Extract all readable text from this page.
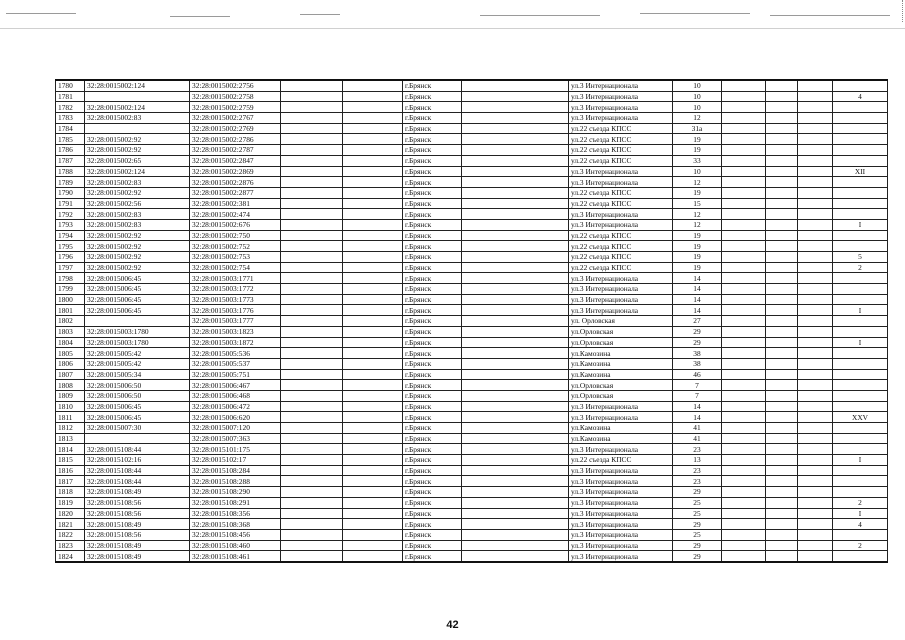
1780	32:28:0015002:124	32:28:0015002:2756			г.Брянск		ул.3 Интернационала	10				
1781		32:28:0015002:2758			г.Брянск		ул.3 Интернационала	10				4
1782	32:28:0015002:124	32:28:0015002:2759			г.Брянск		ул.3 Интернационала	10				
1783	32:28:0015002:83	32:28:0015002:2767			г.Брянск		ул.3 Интернационала	12				
1784		32:28:0015002:2769			г.Брянск		ул.22 съезда КПСС	31а				
1785	32:28:0015002:92	32:28:0015002:2786			г.Брянск		ул.22 съезда КПСС	19				
1786	32:28:0015002:92	32:28:0015002:2787			г.Брянск		ул.22 съезда КПСС	19				
1787	32:28:0015002:65	32:28:0015002:2847			г.Брянск		ул.22 съезда КПСС	33				
1788	32:28:0015002:124	32:28:0015002:2869			г.Брянск		ул.3 Интернационала	10				XII
1789	32:28:0015002:83	32:28:0015002:2876			г.Брянск		ул.3 Интернационала	12				
1790	32:28:0015002:92	32:28:0015002:2877			г.Брянск		ул.22 съезда КПСС	19				
1791	32:28:0015002:56	32:28:0015002:381			г.Брянск		ул.22 съезда КПСС	15				
1792	32:28:0015002:83	32:28:0015002:474			г.Брянск		ул.3 Интернационала	12				
1793	32:28:0015002:83	32:28:0015002:676			г.Брянск		ул.3 Интернационала	12				I
1794	32:28:0015002:92	32:28:0015002:750			г.Брянск		ул.22 съезда КПСС	19				
1795	32:28:0015002:92	32:28:0015002:752			г.Брянск		ул.22 съезда КПСС	19				
1796	32:28:0015002:92	32:28:0015002:753			г.Брянск		ул.22 съезда КПСС	19				5
1797	32:28:0015002:92	32:28:0015002:754			г.Брянск		ул.22 съезда КПСС	19				2
1798	32:28:0015006:45	32:28:0015003:1771			г.Брянск		ул.3 Интернационала	14				
1799	32:28:0015006:45	32:28:0015003:1772			г.Брянск		ул.3 Интернационала	14				
1800	32:28:0015006:45	32:28:0015003:1773			г.Брянск		ул.3 Интернационала	14				
1801	32:28:0015006:45	32:28:0015003:1776			г.Брянск		ул.3 Интернационала	14				I
1802		32:28:0015003:1777			г.Брянск		ул. Орловская	27				
1803	32:28:0015003:1780	32:28:0015003:1823			г.Брянск		ул.Орловская	29				
1804	32:28:0015003:1780	32:28:0015003:1872			г.Брянск		ул.Орловская	29				I
1805	32:28:0015005:42	32:28:0015005:536			г.Брянск		ул.Камозина	38				
1806	32:28:0015005:42	32:28:0015005:537			г.Брянск		ул.Камозина	38				
1807	32:28:0015005:34	32:28:0015005:751			г.Брянск		ул.Камозина	46				
1808	32:28:0015006:50	32:28:0015006:467			г.Брянск		ул.Орловская	7				
1809	32:28:0015006:50	32:28:0015006:468			г.Брянск		ул.Орловская	7				
1810	32:28:0015006:45	32:28:0015006:472			г.Брянск		ул.3 Интернационала	14				
1811	32:28:0015006:45	32:28:0015006:620			г.Брянск		ул.3 Интернационала	14				XXV
1812	32:28:0015007:30	32:28:0015007:120			г.Брянск		ул.Камозина	41				
1813		32:28:0015007:363			г.Брянск		ул.Камозина	41				
1814	32:28:0015108:44	32:28:0015101:175			г.Брянск		ул.3 Интернационала	23				
1815	32:28:0015102:16	32:28:0015102:17			г.Брянск		ул.22 съезда КПСС	13				I
1816	32:28:0015108:44	32:28:0015108:284			г.Брянск		ул.3 Интернационала	23				
1817	32:28:0015108:44	32:28:0015108:288			г.Брянск		ул.3 Интернационала	23				
1818	32:28:0015108:49	32:28:0015108:290			г.Брянск		ул.3 Интернационала	29				
1819	32:28:0015108:56	32:28:0015108:291			г.Брянск		ул.3 Интернационала	25				2
1820	32:28:0015108:56	32:28:0015108:356			г.Брянск		ул.3 Интернационала	25				I
1821	32:28:0015108:49	32:28:0015108:368			г.Брянск		ул.3 Интернационала	29				4
1822	32:28:0015108:56	32:28:0015108:456			г.Брянск		ул.3 Интернационала	25				
1823	32:28:0015108:49	32:28:0015108:460			г.Брянск		ул.3 Интернационала	29				2
1824	32:28:0015108:49	32:28:0015108:461			г.Брянск		ул.3 Интернационала	29				
42
